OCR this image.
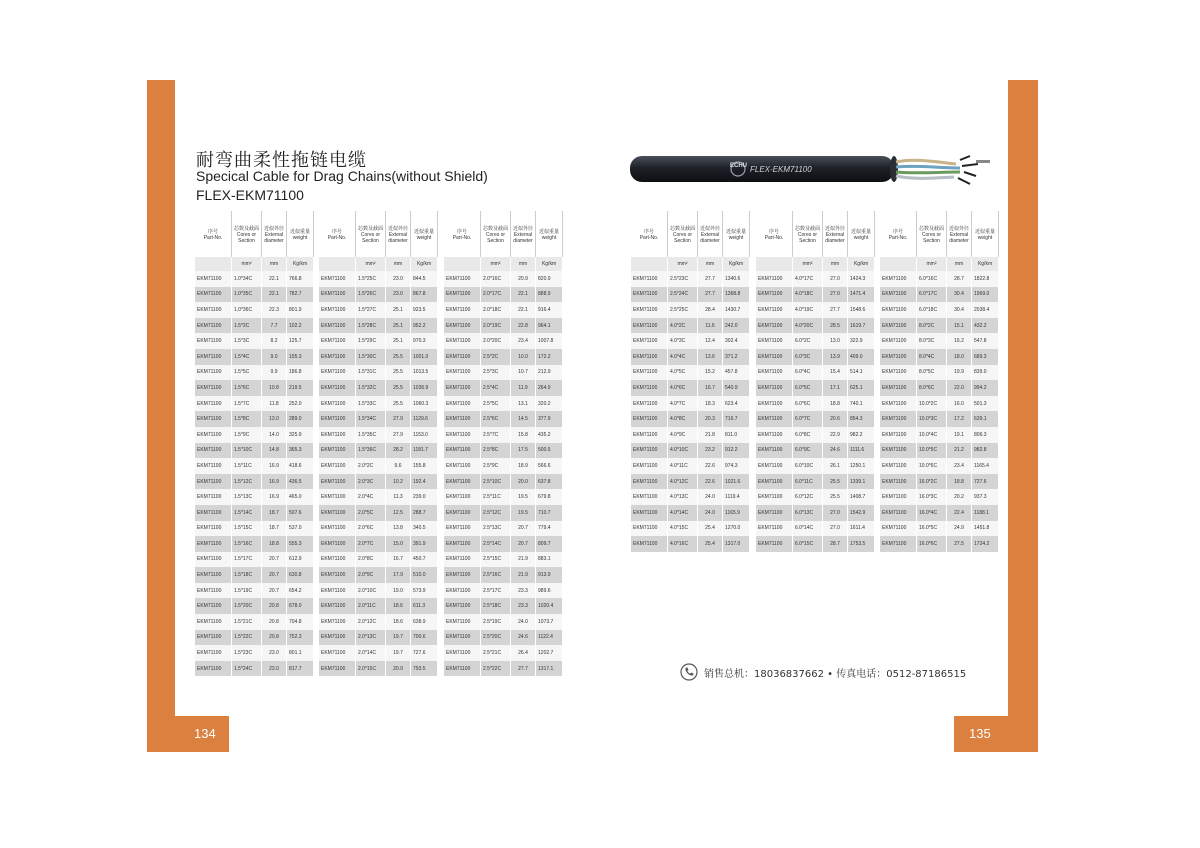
134	135
耐弯曲柔性拖链电缆
Specical Cable for Drag Chains(without Shield)
FLEX-EKM71100
ECHU FLEX-EKM71100
序号
Part-No.	芯数及截面
Cores or
Section	近似外径
External
diameter	近似重量
weight

	mm²	mm	Kg/km
EKM71100	1.0*34C	22.1	766.8
EKM71100	1.0*35C	22.1	782.7
EKM71100	1.0*36C	22.3	801.9
EKM71100	1.5*2C	7.7	102.2
EKM71100	1.5*3C	8.2	125.7
EKM71100	1.5*4C	9.0	155.3
EKM71100	1.5*5C	9.9	186.8
EKM71100	1.5*6C	10.8	219.5
EKM71100	1.5*7C	11.8	252.0
EKM71100	1.5*8C	13.0	289.0
EKM71100	1.5*9C	14.0	325.9
EKM71100	1.5*10C	14.8	365.3
EKM71100	1.5*11C	16.9	418.6
EKM71100	1.5*12C	16.9	436.5
EKM71100	1.5*13C	16.9	465.0
EKM71100	1.5*14C	18.7	507.6
EKM71100	1.5*15C	18.7	537.0
EKM71100	1.5*16C	18.8	555.3
EKM71100	1.5*17C	20.7	612.9
EKM71100	1.5*18C	20.7	630.8
EKM71100	1.5*19C	20.7	654.2
EKM71100	1.5*20C	20.8	678.0
EKM71100	1.5*21C	20.8	704.8
EKM71100	1.5*22C	20.8	752.3
EKM71100	1.5*23C	23.0	801.1
EKM71100	1.5*24C	23.0	817.7
序号
Part-No.	芯数及截面
Cores or
Section	近似外径
External
diameter	近似重量
weight

	mm²	mm	Kg/km
EKM71100	1.5*25C	23.0	844.5
EKM71100	1.5*26C	23.0	867.8
EKM71100	1.5*27C	25.1	923.5
EKM71100	1.5*28C	25.1	952.2
EKM71100	1.5*29C	25.1	970.3
EKM71100	1.5*30C	25.5	1001.0
EKM71100	1.5*31C	25.5	1013.5
EKM71100	1.5*32C	25.5	1036.9
EKM71100	1.5*33C	25.5	1060.3
EKM71100	1.5*34C	27.9	1129.6
EKM71100	1.5*35C	27.9	1153.0
EKM71100	1.5*36C	28.2	1181.7
EKM71100	2.0*2C	9.6	155.8
EKM71100	2.0*3C	10.2	192.4
EKM71100	2.0*4C	11.3	239.0
EKM71100	2.0*5C	12.5	288.7
EKM71100	2.0*6C	13.8	340.5
EKM71100	2.0*7C	15.0	391.9
EKM71100	2.0*8C	16.7	450.7
EKM71100	2.0*9C	17.9	510.0
EKM71100	2.0*10C	19.0	573.9
EKM71100	2.0*11C	18.6	611.3
EKM71100	2.0*12C	18.6	638.9
EKM71100	2.0*13C	19.7	700.6
EKM71100	2.0*14C	19.7	727.6
EKM71100	2.0*15C	20.9	793.5
序号
Part-No.	芯数及截面
Cores or
Section	近似外径
External
diameter	近似重量
weight

	mm²	mm	Kg/km
EKM71100	2.0*16C	20.9	820.9
EKM71100	2.0*17C	22.1	888.9
EKM71100	2.0*18C	22.1	916.4
EKM71100	2.0*19C	22.8	964.1
EKM71100	2.0*20C	23.4	1007.8
EKM71100	2.5*2C	10.0	172.2
EKM71100	2.5*3C	10.7	212.9
EKM71100	2.5*4C	11.9	264.9
EKM71100	2.5*5C	13.1	320.2
EKM71100	2.5*6C	14.5	377.9
EKM71100	2.5*7C	15.8	435.2
EKM71100	2.5*8C	17.5	500.5
EKM71100	2.5*9C	18.9	566.6
EKM71100	2.5*10C	20.0	637.8
EKM71100	2.5*11C	19.5	679.8
EKM71100	2.5*12C	19.5	710.7
EKM71100	2.5*13C	20.7	779.4
EKM71100	2.5*14C	20.7	809.7
EKM71100	2.5*15C	21.9	883.1
EKM71100	2.5*16C	21.9	913.9
EKM71100	2.5*17C	23.3	989.6
EKM71100	2.5*18C	23.3	1020.4
EKM71100	2.5*19C	24.0	1073.7
EKM71100	2.5*20C	24.6	1122.4
EKM71100	2.5*21C	26.4	1202.7
EKM71100	2.5*22C	27.7	1317.1
序号
Part-No.	芯数及截面
Cores or
Section	近似外径
External
diameter	近似重量
weight

	mm²	mm	Kg/km
EKM71100	2.5*23C	27.7	1340.6
EKM71100	2.5*24C	27.7	1368.8
EKM71100	2.5*25C	28.4	1430.7
EKM71100	4.0*2C	11.6	242.0
EKM71100	4.0*3C	12.4	302.4
EKM71100	4.0*4C	13.6	371.2
EKM71100	4.0*5C	15.2	457.8
EKM71100	4.0*6C	16.7	540.9
EKM71100	4.0*7C	18.3	623.4
EKM71100	4.0*8C	20.3	716.7
EKM71100	4.0*9C	21.8	811.0
EKM71100	4.0*10C	23.2	912.2
EKM71100	4.0*11C	22.6	974.3
EKM71100	4.0*12C	22.6	1021.6
EKM71100	4.0*13C	24.0	1119.4
EKM71100	4.0*14C	24.0	1165.9
EKM71100	4.0*15C	25.4	1270.0
EKM71100	4.0*16C	25.4	1317.0
序号
Part-No.	芯数及截面
Cores or
Section	近似外径
External
diameter	近似重量
weight

	mm²	mm	Kg/km
EKM71100	4.0*17C	27.0	1424.3
EKM71100	4.0*18C	27.0	1471.4
EKM71100	4.0*19C	27.7	1548.6
EKM71100	4.0*20C	28.5	1619.7
EKM71100	6.0*2C	13.0	322.9
EKM71100	6.0*3C	13.9	409.0
EKM71100	6.0*4C	15.4	514.1
EKM71100	6.0*5C	17.1	625.1
EKM71100	6.0*6C	18.8	740.1
EKM71100	6.0*7C	20.6	854.3
EKM71100	6.0*8C	22.9	982.2
EKM71100	6.0*9C	24.6	1111.6
EKM71100	6.0*10C	26.1	1250.1
EKM71100	6.0*11C	25.5	1339.1
EKM71100	6.0*12C	25.5	1408.7
EKM71100	6.0*13C	27.0	1542.9
EKM71100	6.0*14C	27.0	1611.4
EKM71100	6.0*15C	28.7	1753.5
序号
Part-No.	芯数及截面
Cores or
Section	近似外径
External
diameter	近似重量
weight

	mm²	mm	Kg/km
EKM71100	6.0*16C	28.7	1822.8
EKM71100	6.0*17C	30.4	1969.0
EKM71100	6.0*18C	30.4	2038.4
EKM71100	8.0*2C	15.1	432.2
EKM71100	8.0*3C	16.2	547.8
EKM71100	8.0*4C	18.0	689.3
EKM71100	8.0*5C	19.9	839.0
EKM71100	8.0*6C	22.0	994.2
EKM71100	10.0*2C	16.0	501.3
EKM71100	10.0*3C	17.2	639.1
EKM71100	10.0*4C	19.1	806.3
EKM71100	10.0*5C	21.2	982.8
EKM71100	10.0*6C	23.4	1165.4
EKM71100	16.0*2C	18.8	727.6
EKM71100	16.0*3C	20.2	937.3
EKM71100	16.0*4C	22.4	1188.1
EKM71100	16.0*5C	24.9	1451.8
EKM71100	16.0*6C	27.5	1724.2
销售总机：18036837662 • 传真电话：0512-87186515
